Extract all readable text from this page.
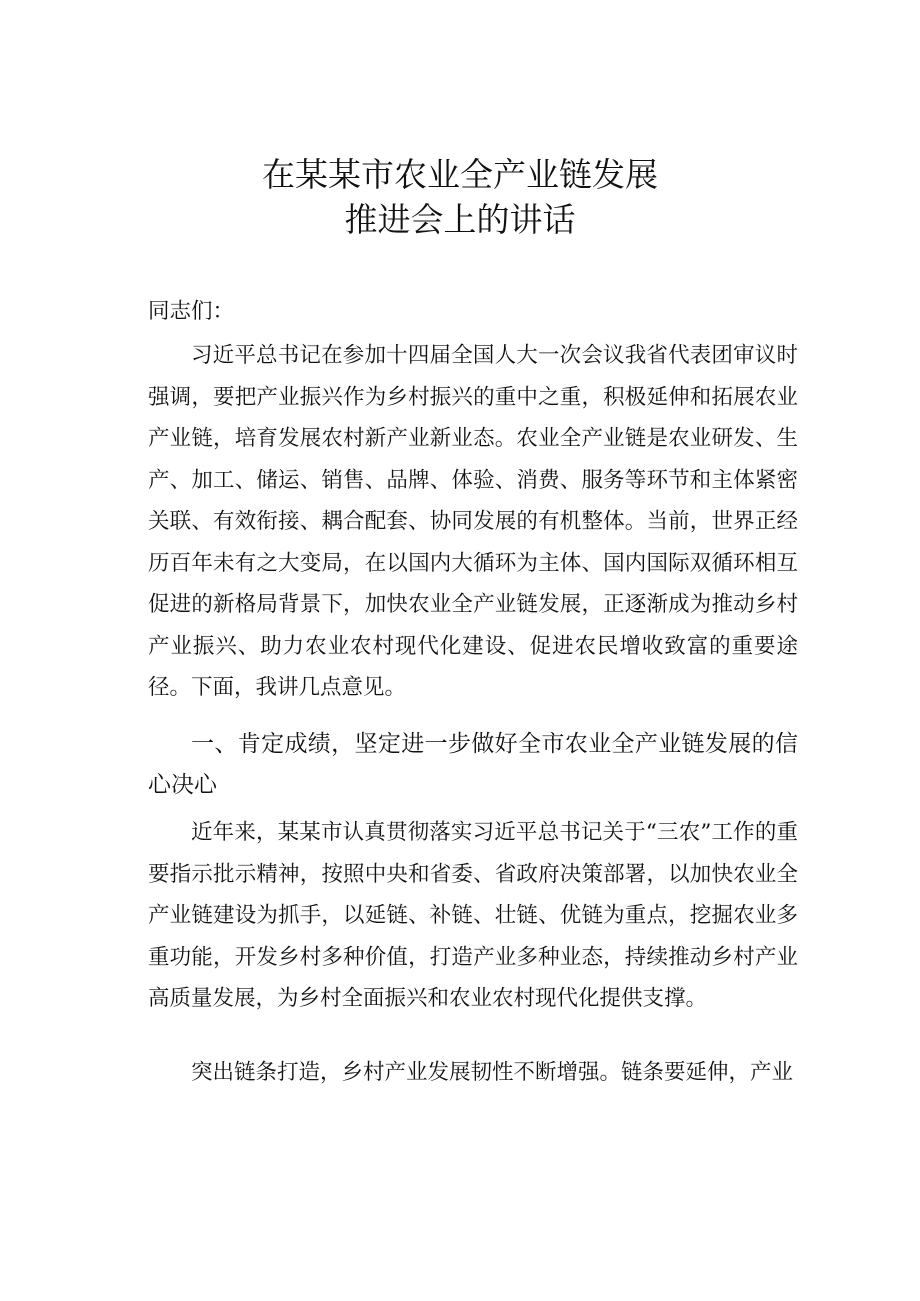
在某某市农业全产业链发展
推进会上的讲话

同志们：

习近平总书记在参加十四届全国人大一次会议我省代表团审议时强调，要把产业振兴作为乡村振兴的重中之重，积极延伸和拓展农业产业链，培育发展农村新产业新业态。农业全产业链是农业研发、生产、加工、储运、销售、品牌、体验、消费、服务等环节和主体紧密关联、有效衔接、耦合配套、协同发展的有机整体。当前，世界正经历百年未有之大变局，在以国内大循环为主体、国内国际双循环相互促进的新格局背景下，加快农业全产业链发展，正逐渐成为推动乡村产业振兴、助力农业农村现代化建设、促进农民增收致富的重要途径。下面，我讲几点意见。

一、肯定成绩，坚定进一步做好全市农业全产业链发展的信心决心

近年来，某某市认真贯彻落实习近平总书记关于“三农”工作的重要指示批示精神，按照中央和省委、省政府决策部署，以加快农业全产业链建设为抓手，以延链、补链、壮链、优链为重点，挖掘农业多重功能，开发乡村多种价值，打造产业多种业态，持续推动乡村产业高质量发展，为乡村全面振兴和农业农村现代化提供支撑。

突出链条打造，乡村产业发展韧性不断增强。链条要延伸，产业
